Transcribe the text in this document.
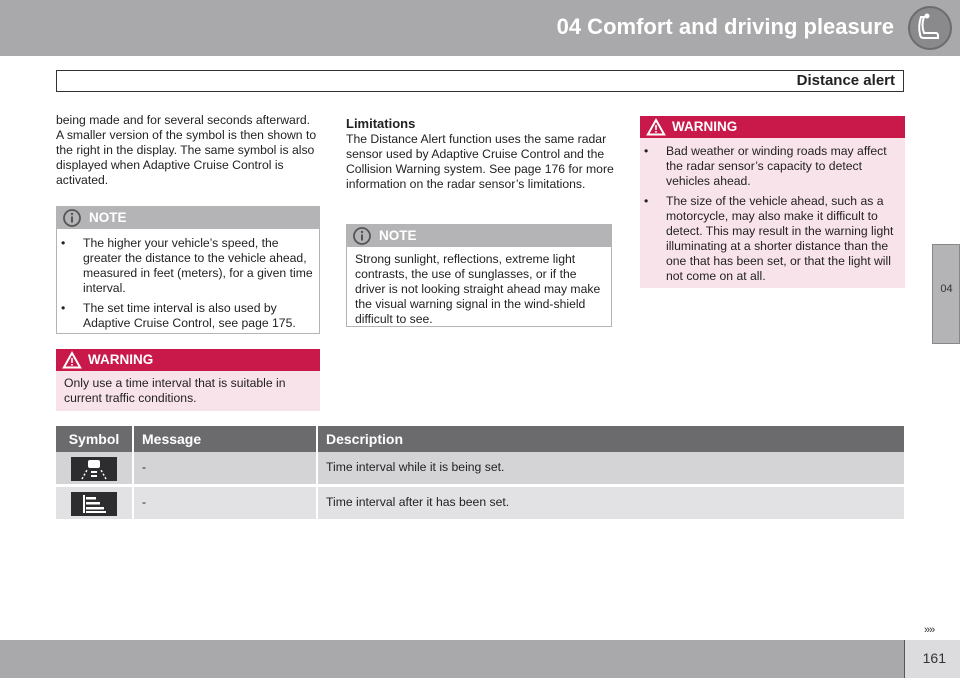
04 Comfort and driving pleasure
Distance alert
04

being made and for several seconds afterward. A smaller version of the symbol is then shown to the right in the display. The same symbol is also displayed when Adaptive Cruise Control is activated.

NOTE
• The higher your vehicle’s speed, the greater the distance to the vehicle ahead, measured in feet (meters), for a given time interval.
• The set time interval is also used by Adaptive Cruise Control, see page 175.
WARNING

Only use a time interval that is suitable in current traffic conditions.

Limitations

The Distance Alert function uses the same radar sensor used by Adaptive Cruise Control and the Collision Warning system. See page 176 for more information on the radar sensor’s limitations.

NOTE

Strong sunlight, reflections, extreme light contrasts, the use of sunglasses, or if the driver is not looking straight ahead may make the visual warning signal in the wind-shield difficult to see.

WARNING
• Bad weather or winding roads may affect the radar sensor’s capacity to detect vehicles ahead.
• The size of the vehicle ahead, such as a motorcycle, may also make it difficult to detect. This may result in the warning light illuminating at a shorter distance than the one that has been set, or that the light will not come on at all.
Symbol	Message	Description
	-	Time interval while it is being set.
	-	Time interval after it has been set.
»»
161
